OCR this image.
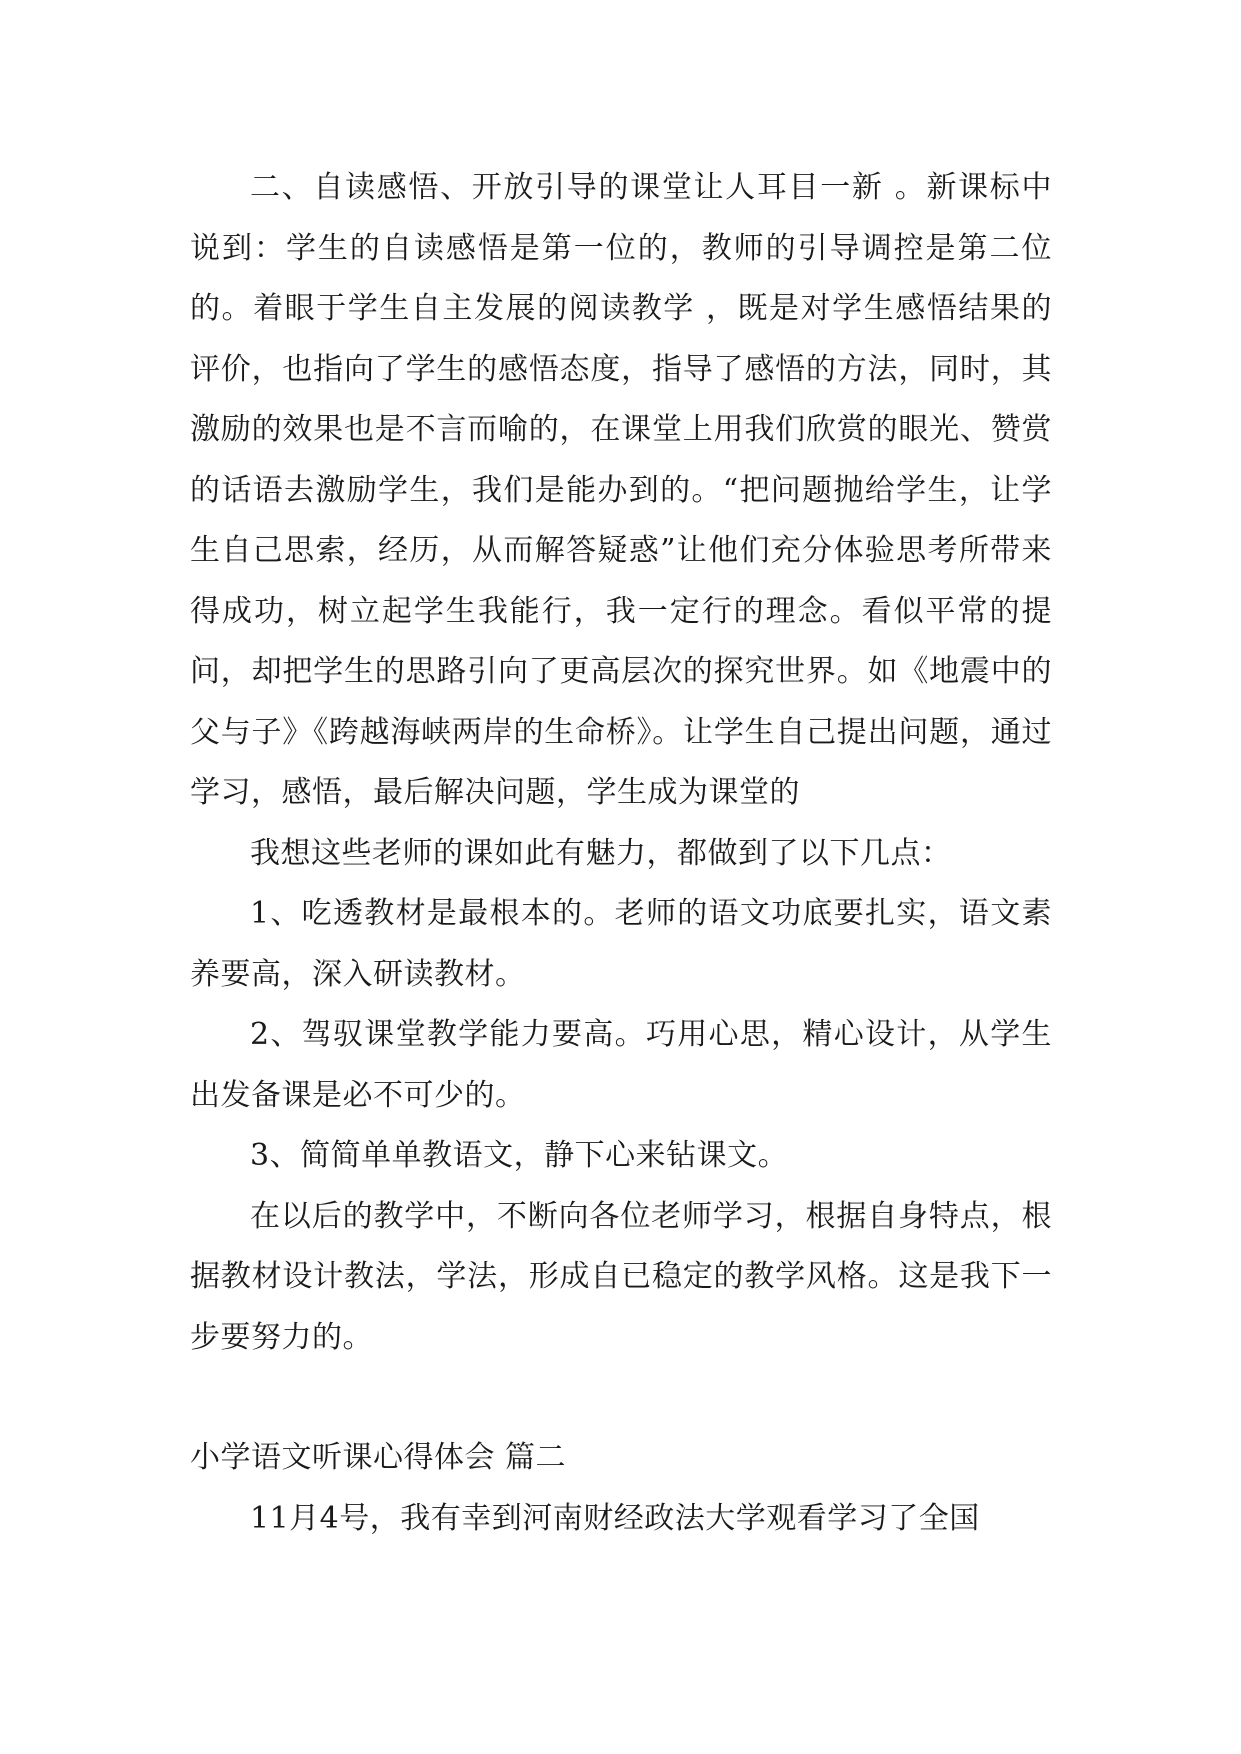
二、自读感悟、开放引导的课堂让人耳目一新 。新课标中说到：学生的自读感悟是第一位的，教师的引导调控是第二位的。着眼于学生自主发展的阅读教学 ，既是对学生感悟结果的评价，也指向了学生的感悟态度，指导了感悟的方法，同时，其激励的效果也是不言而喻的，在课堂上用我们欣赏的眼光、赞赏的话语去激励学生，我们是能办到的。“把问题抛给学生，让学生自己思索，经历，从而解答疑惑”让他们充分体验思考所带来得成功，树立起学生我能行，我一定行的理念。看似平常的提问，却把学生的思路引向了更高层次的探究世界。如《地震中的父与子》《跨越海峡两岸的生命桥》。让学生自己提出问题，通过学习，感悟，最后解决问题，学生成为课堂的

我想这些老师的课如此有魅力，都做到了以下几点：

1、吃透教材是最根本的。老师的语文功底要扎实，语文素养要高，深入研读教材。

2、驾驭课堂教学能力要高。巧用心思，精心设计，从学生出发备课是必不可少的。

3、简简单单教语文，静下心来钻课文。

在以后的教学中，不断向各位老师学习，根据自身特点，根据教材设计教法，学法，形成自已稳定的教学风格。这是我下一步要努力的。

小学语文听课心得体会 篇二

11月4号，我有幸到河南财经政法大学观看学习了全国
